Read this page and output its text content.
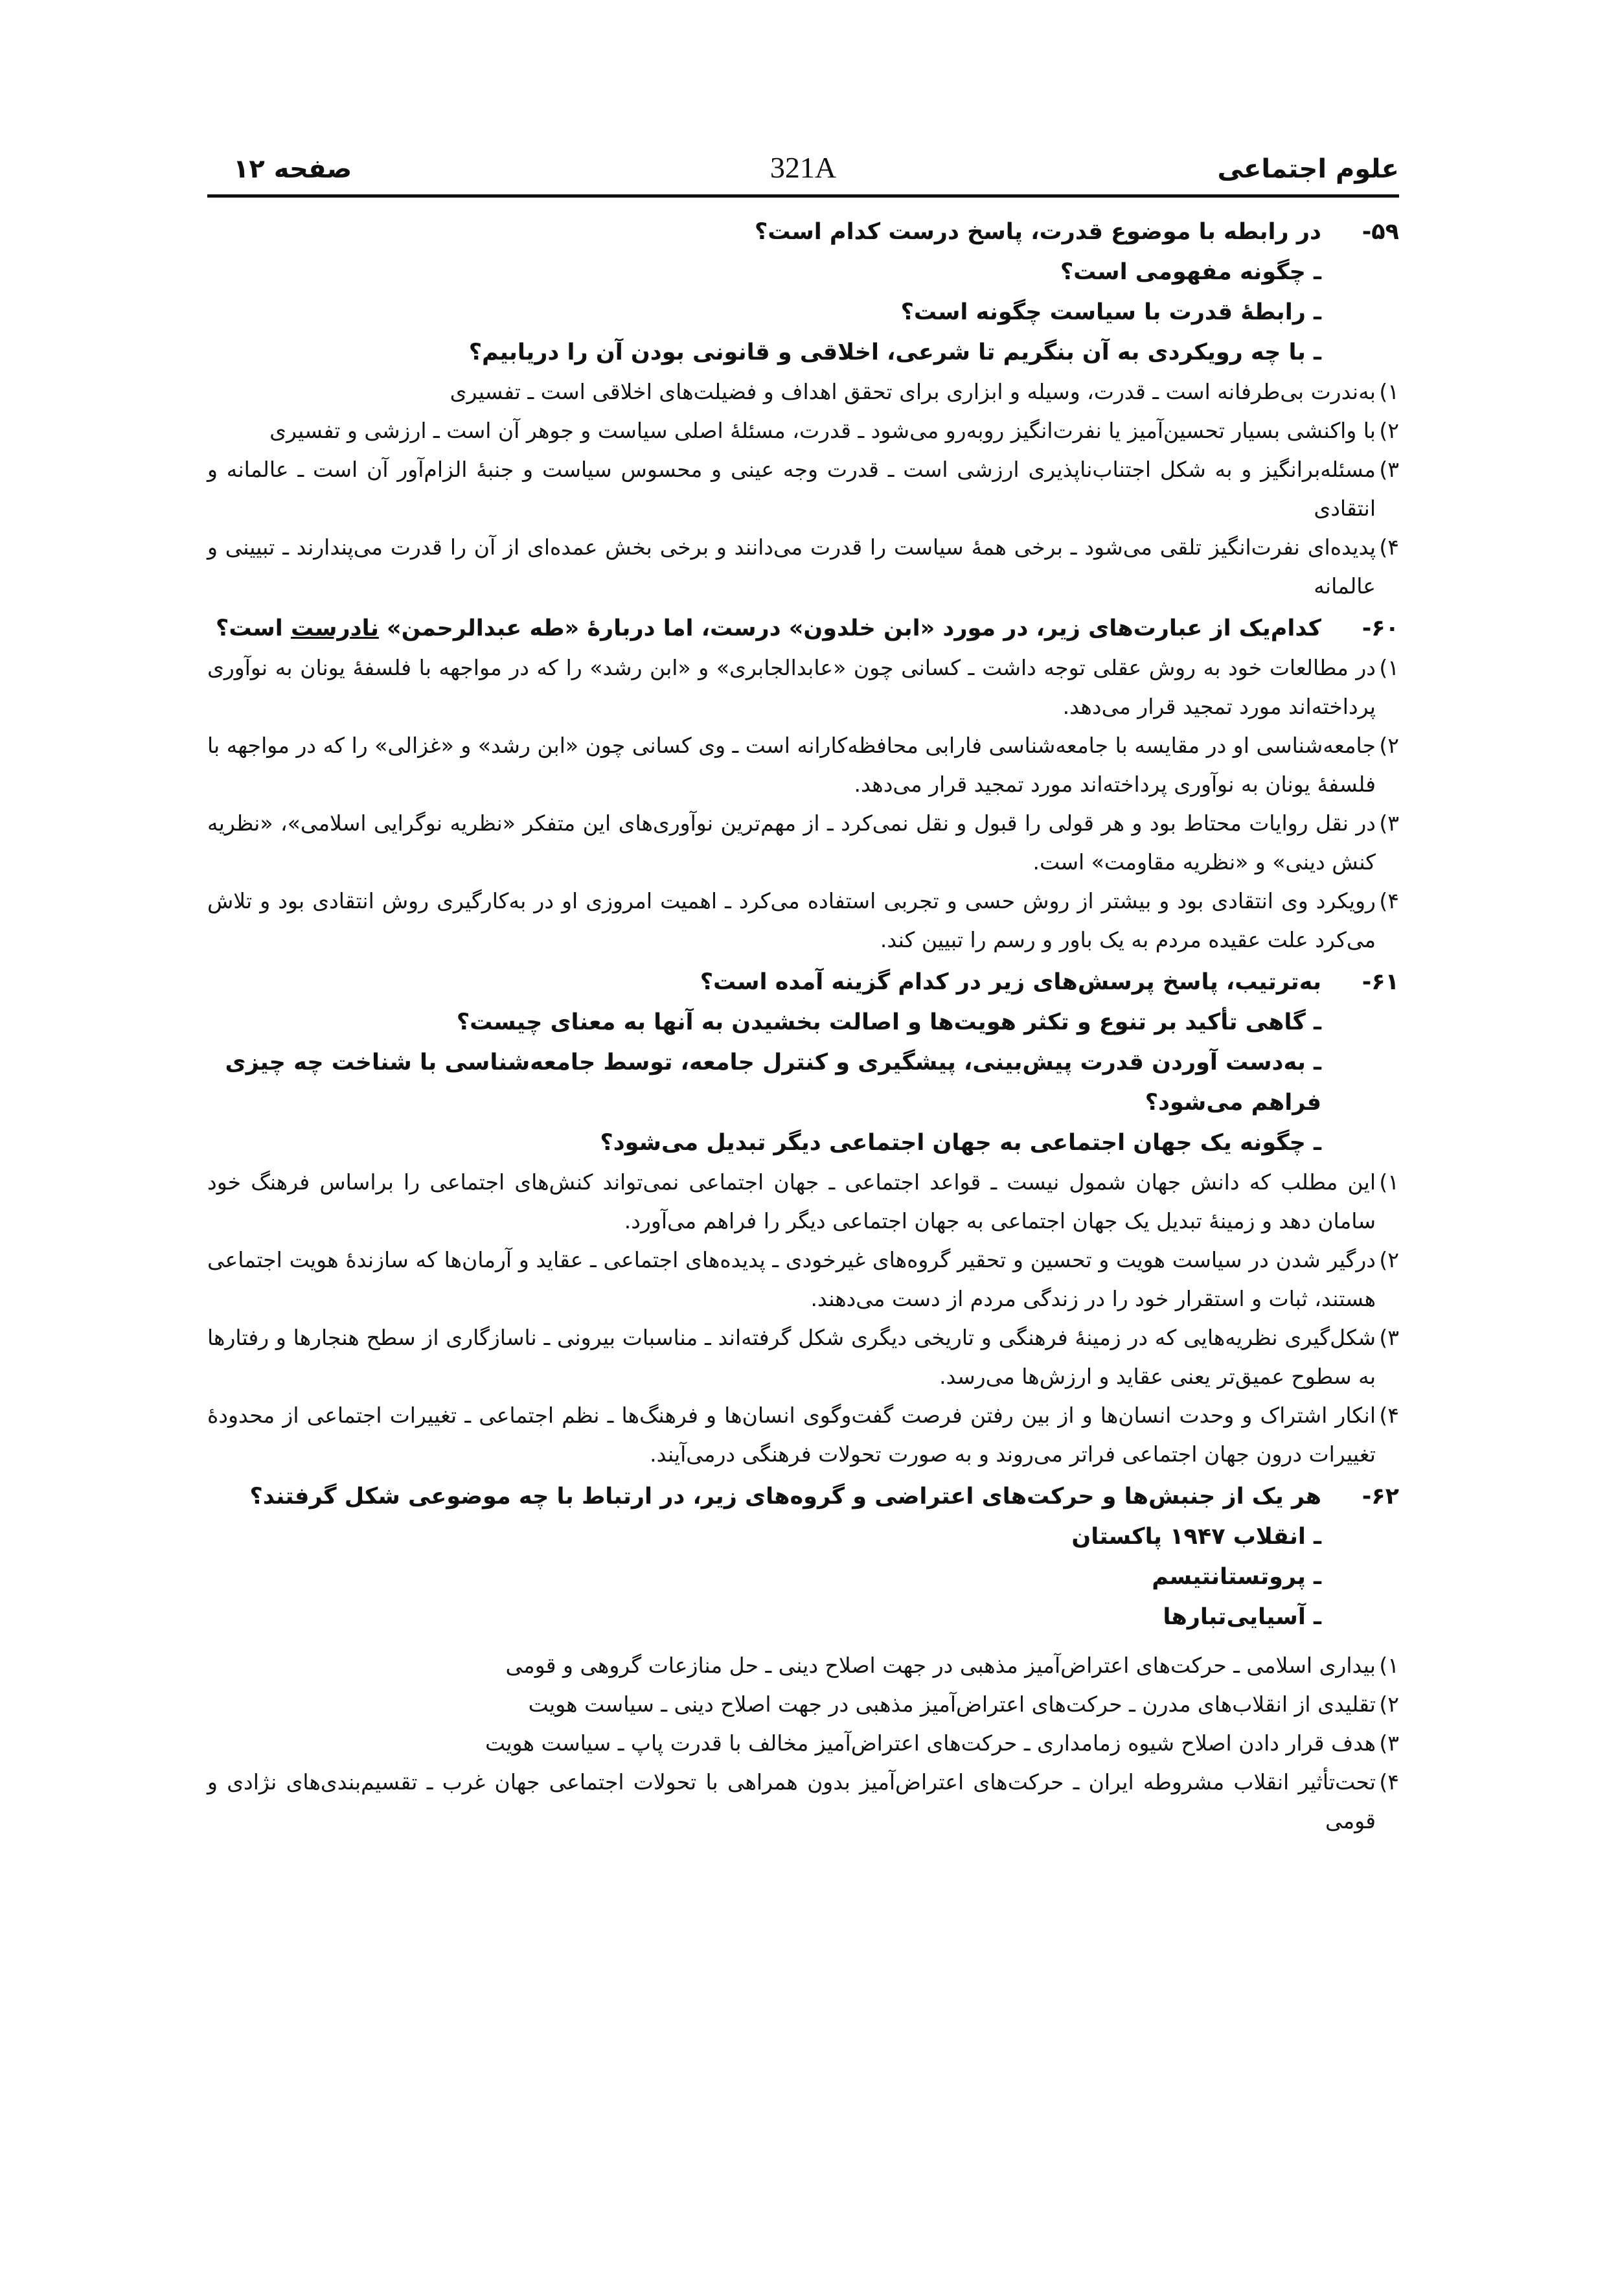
علوم اجتماعی
321A
صفحه ۱۲
۵۹-
در رابطه با موضوع قدرت، پاسخ درست کدام است؟
ـ چگونه مفهومی است؟
ـ رابطهٔ قدرت با سیاست چگونه است؟
ـ با چه رویکردی به آن بنگریم تا شرعی، اخلاقی و قانونی بودن آن را دریابیم؟
۱)
به‌ندرت بی‌طرفانه است ـ قدرت، وسیله و ابزاری برای تحقق اهداف و فضیلت‌های اخلاقی است ـ تفسیری
۲)
با واکنشی بسیار تحسین‌آمیز یا نفرت‌انگیز روبه‌رو می‌شود ـ قدرت، مسئلهٔ اصلی سیاست و جوهر آن است ـ ارزشی و تفسیری
۳)
مسئله‌برانگیز و به شکل اجتناب‌ناپذیری ارزشی است ـ قدرت وجه عینی و محسوس سیاست و جنبهٔ الزام‌آور آن است ـ عالمانه و انتقادی
۴)
پدیده‌ای نفرت‌انگیز تلقی می‌شود ـ برخی همهٔ سیاست را قدرت می‌دانند و برخی بخش عمده‌ای از آن را قدرت می‌پندارند ـ تبیینی و عالمانه
۶۰-
کدام‌یک از عبارت‌های زیر، در مورد «ابن خلدون» درست، اما دربارهٔ «طه عبدالرحمن» نادرست است؟
۱)
در مطالعات خود به روش عقلی توجه داشت ـ کسانی چون «عابدالجابری» و «ابن رشد» را که در مواجهه با فلسفهٔ یونان به نوآوری پرداخته‌اند مورد تمجید قرار می‌دهد.
۲)
جامعه‌شناسی او در مقایسه با جامعه‌شناسی فارابی محافظه‌کارانه است ـ وی کسانی چون «ابن رشد» و «غزالی» را که در مواجهه با فلسفهٔ یونان به نوآوری پرداخته‌اند مورد تمجید قرار می‌دهد.
۳)
در نقل روایات محتاط بود و هر قولی را قبول و نقل نمی‌کرد ـ از مهم‌ترین نوآوری‌های این متفکر «نظریه نوگرایی اسلامی»، «نظریه کنش دینی» و «نظریه مقاومت» است.
۴)
رویکرد وی انتقادی بود و بیشتر از روش حسی و تجربی استفاده می‌کرد ـ اهمیت امروزی او در به‌کارگیری روش انتقادی بود و تلاش می‌کرد علت عقیده مردم به یک باور و رسم را تبیین کند.
۶۱-
به‌ترتیب، پاسخ پرسش‌های زیر در کدام گزینه آمده است؟
ـ گاهی تأکید بر تنوع و تکثر هویت‌ها و اصالت بخشیدن به آنها به معنای چیست؟
ـ به‌دست آوردن قدرت پیش‌بینی، پیشگیری و کنترل جامعه، توسط جامعه‌شناسی با شناخت چه چیزی فراهم می‌شود؟
ـ چگونه یک جهان اجتماعی به جهان اجتماعی دیگر تبدیل می‌شود؟
۱)
این مطلب که دانش جهان شمول نیست ـ قواعد اجتماعی ـ جهان اجتماعی نمی‌تواند کنش‌های اجتماعی را براساس فرهنگ خود سامان دهد و زمینهٔ تبدیل یک جهان اجتماعی به جهان اجتماعی دیگر را فراهم می‌آورد.
۲)
درگیر شدن در سیاست هویت و تحسین و تحقیر گروه‌های غیرخودی ـ پدیده‌های اجتماعی ـ عقاید و آرمان‌ها که سازندهٔ هویت اجتماعی هستند، ثبات و استقرار خود را در زندگی مردم از دست می‌دهند.
۳)
شکل‌گیری نظریه‌هایی که در زمینهٔ فرهنگی و تاریخی دیگری شکل گرفته‌اند ـ مناسبات بیرونی ـ ناسازگاری از سطح هنجارها و رفتارها به سطوح عمیق‌تر یعنی عقاید و ارزش‌ها می‌رسد.
۴)
انکار اشتراک و وحدت انسان‌ها و از بین رفتن فرصت گفت‌وگوی انسان‌ها و فرهنگ‌ها ـ نظم اجتماعی ـ تغییرات اجتماعی از محدودهٔ تغییرات درون جهان اجتماعی فراتر می‌روند و به صورت تحولات فرهنگی درمی‌آیند.
۶۲-
هر یک از جنبش‌ها و حرکت‌های اعتراضی و گروه‌های زیر، در ارتباط با چه موضوعی شکل گرفتند؟
ـ انقلاب ۱۹۴۷ پاکستان
ـ پروتستانتیسم
ـ آسیایی‌تبارها
۱)
بیداری اسلامی ـ حرکت‌های اعتراض‌آمیز مذهبی در جهت اصلاح دینی ـ حل منازعات گروهی و قومی
۲)
تقلیدی از انقلاب‌های مدرن ـ حرکت‌های اعتراض‌آمیز مذهبی در جهت اصلاح دینی ـ سیاست هویت
۳)
هدف قرار دادن اصلاح شیوه زمامداری ـ حرکت‌های اعتراض‌آمیز مخالف با قدرت پاپ ـ سیاست هویت
۴)
تحت‌تأثیر انقلاب مشروطه ایران ـ حرکت‌های اعتراض‌آمیز بدون همراهی با تحولات اجتماعی جهان غرب ـ تقسیم‌بندی‌های نژادی و قومی
